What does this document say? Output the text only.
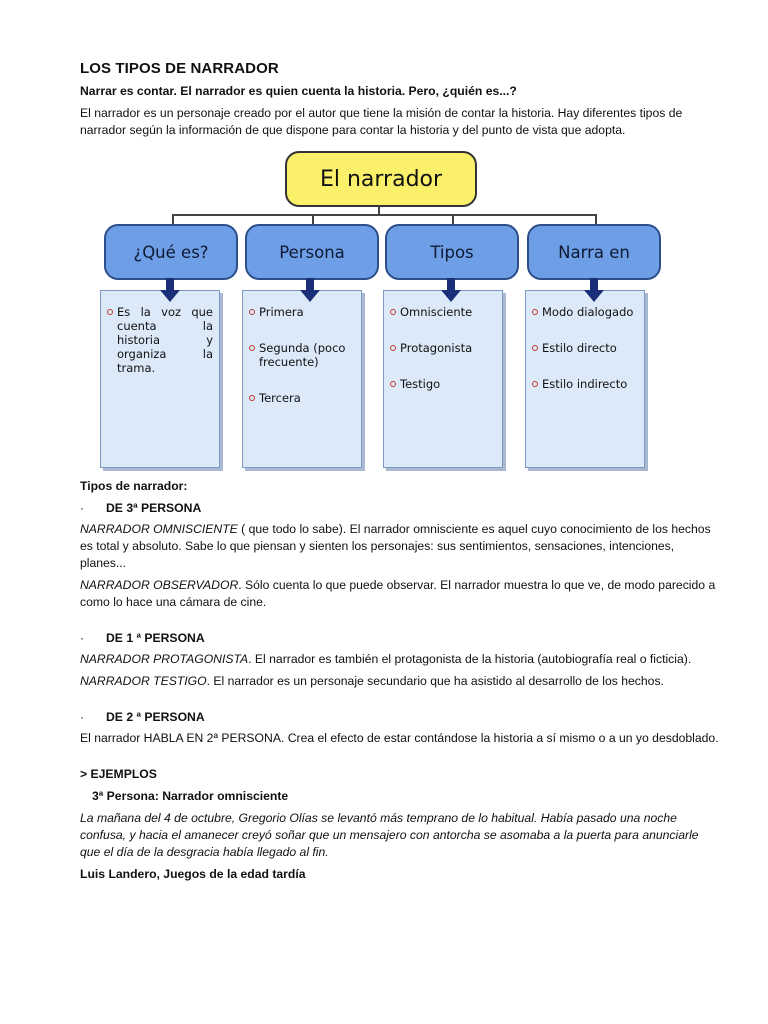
LOS TIPOS DE NARRADOR
Narrar es contar. El narrador es quien cuenta la historia. Pero, ¿quién es...?
El narrador es un personaje creado por el autor que tiene la misión de contar la historia. Hay diferentes tipos de narrador según la información de que dispone para contar la historia y del punto de vista que adopta.
El narrador
¿Qué es?	Persona	Tipos	Narra en
Es la voz que cuenta la historia y organiza la trama.
Primera
Segunda (poco frecuente)
Tercera
Omnisciente
Protagonista
Testigo
Modo dialogado
Estilo directo
Estilo indirecto
Tipos de narrador:
· DE 3ª PERSONA
NARRADOR OMNISCIENTE ( que todo lo sabe). El narrador omnisciente es aquel cuyo conocimiento de los hechos es total y absoluto. Sabe lo que piensan y sienten los personajes: sus sentimientos, sensaciones, intenciones, planes...
NARRADOR OBSERVADOR. Sólo cuenta lo que puede observar. El narrador muestra lo que ve, de modo parecido a como lo hace una cámara de cine.
· DE 1 ª PERSONA
NARRADOR PROTAGONISTA. El narrador es también el protagonista de la historia (autobiografía real o ficticia).
NARRADOR TESTIGO. El narrador es un personaje secundario que ha asistido al desarrollo de los hechos.
· DE 2 ª PERSONA
El narrador HABLA EN 2ª PERSONA. Crea el efecto de estar contándose la historia a sí mismo o a un yo desdoblado.
> EJEMPLOS
3ª Persona: Narrador omnisciente
La mañana del 4 de octubre, Gregorio Olías se levantó más temprano de lo habitual. Había pasado una noche confusa, y hacia el amanecer creyó soñar que un mensajero con antorcha se asomaba a la puerta para anunciarle que el día de la desgracia había llegado al fin.
Luis Landero, Juegos de la edad tardía
